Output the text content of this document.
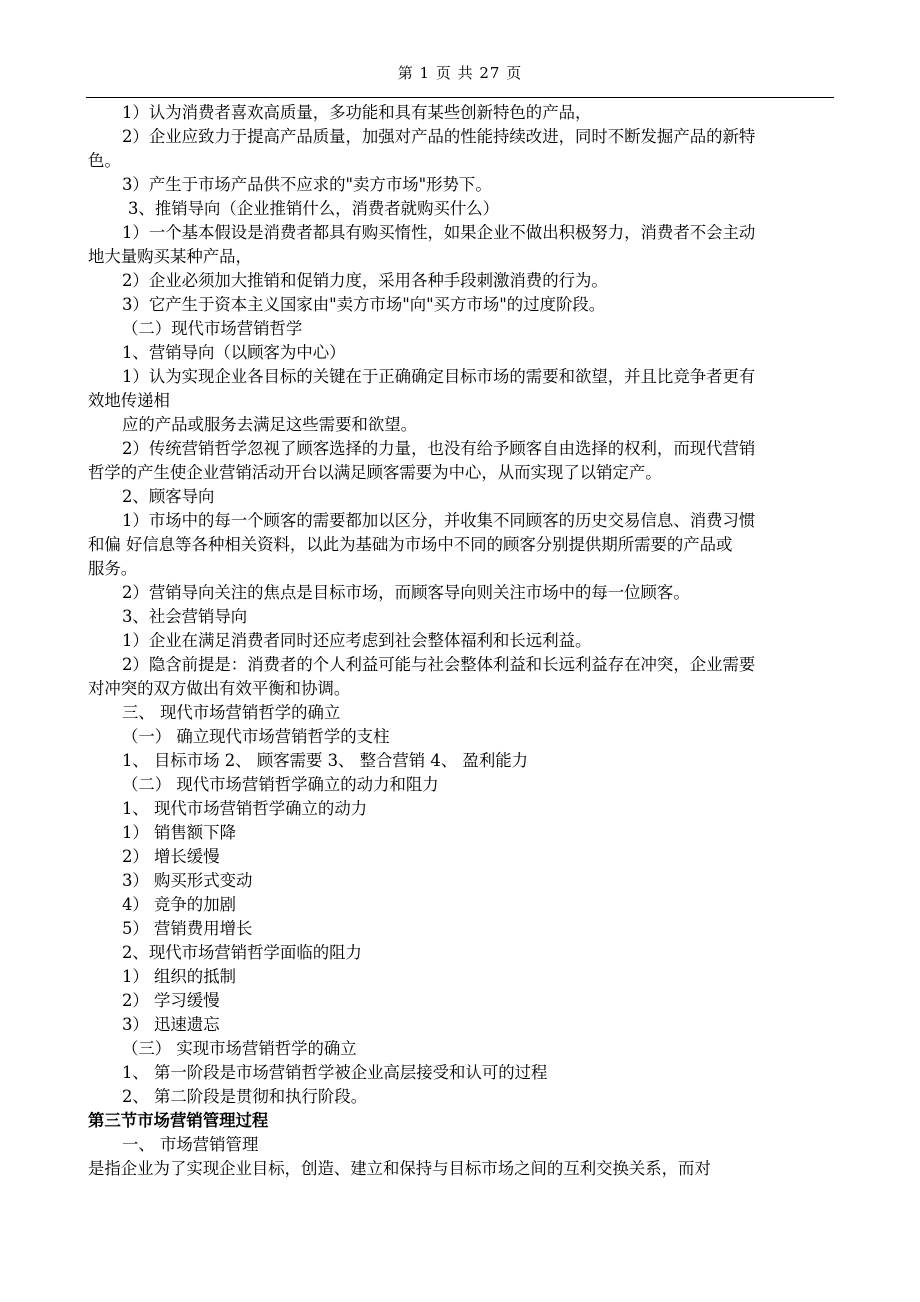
第 1 页 共 27 页
1）认为消费者喜欢高质量，多功能和具有某些创新特色的产品，
2）企业应致力于提高产品质量，加强对产品的性能持续改进，同时不断发掘产品的新特
色。
3）产生于市场产品供不应求的"卖方市场"形势下。
3、推销导向（企业推销什么，消费者就购买什么）
1）一个基本假设是消费者都具有购买惰性，如果企业不做出积极努力，消费者不会主动
地大量购买某种产品，
2）企业必须加大推销和促销力度，采用各种手段刺激消费的行为。
3）它产生于资本主义国家由"卖方市场"向"买方市场"的过度阶段。
（二）现代市场营销哲学
1、营销导向（以顾客为中心）
1）认为实现企业各目标的关键在于正确确定目标市场的需要和欲望，并且比竞争者更有
效地传递相
应的产品或服务去满足这些需要和欲望。
2）传统营销哲学忽视了顾客选择的力量，也没有给予顾客自由选择的权利，而现代营销
哲学的产生使企业营销活动开台以满足顾客需要为中心，从而实现了以销定产。
2、顾客导向
1）市场中的每一个顾客的需要都加以区分，并收集不同顾客的历史交易信息、消费习惯
和偏 好信息等各种相关资料，以此为基础为市场中不同的顾客分别提供期所需要的产品或
服务。
2）营销导向关注的焦点是目标市场，而顾客导向则关注市场中的每一位顾客。
3、社会营销导向
1）企业在满足消费者同时还应考虑到社会整体福利和长远利益。
2）隐含前提是：消费者的个人利益可能与社会整体利益和长远利益存在冲突，企业需要
对冲突的双方做出有效平衡和协调。
三、 现代市场营销哲学的确立
（一） 确立现代市场营销哲学的支柱
1、 目标市场 2、 顾客需要 3、 整合营销 4、 盈利能力
（二） 现代市场营销哲学确立的动力和阻力
1、 现代市场营销哲学确立的动力
1） 销售额下降
2） 增长缓慢
3） 购买形式变动
4） 竞争的加剧
5） 营销费用增长
2、现代市场营销哲学面临的阻力
1） 组织的抵制
2） 学习缓慢
3） 迅速遗忘
（三） 实现市场营销哲学的确立
1、 第一阶段是市场营销哲学被企业高层接受和认可的过程
2、 第二阶段是贯彻和执行阶段。
第三节市场营销管理过程
一、 市场营销管理
是指企业为了实现企业目标，创造、建立和保持与目标市场之间的互利交换关系，而对
